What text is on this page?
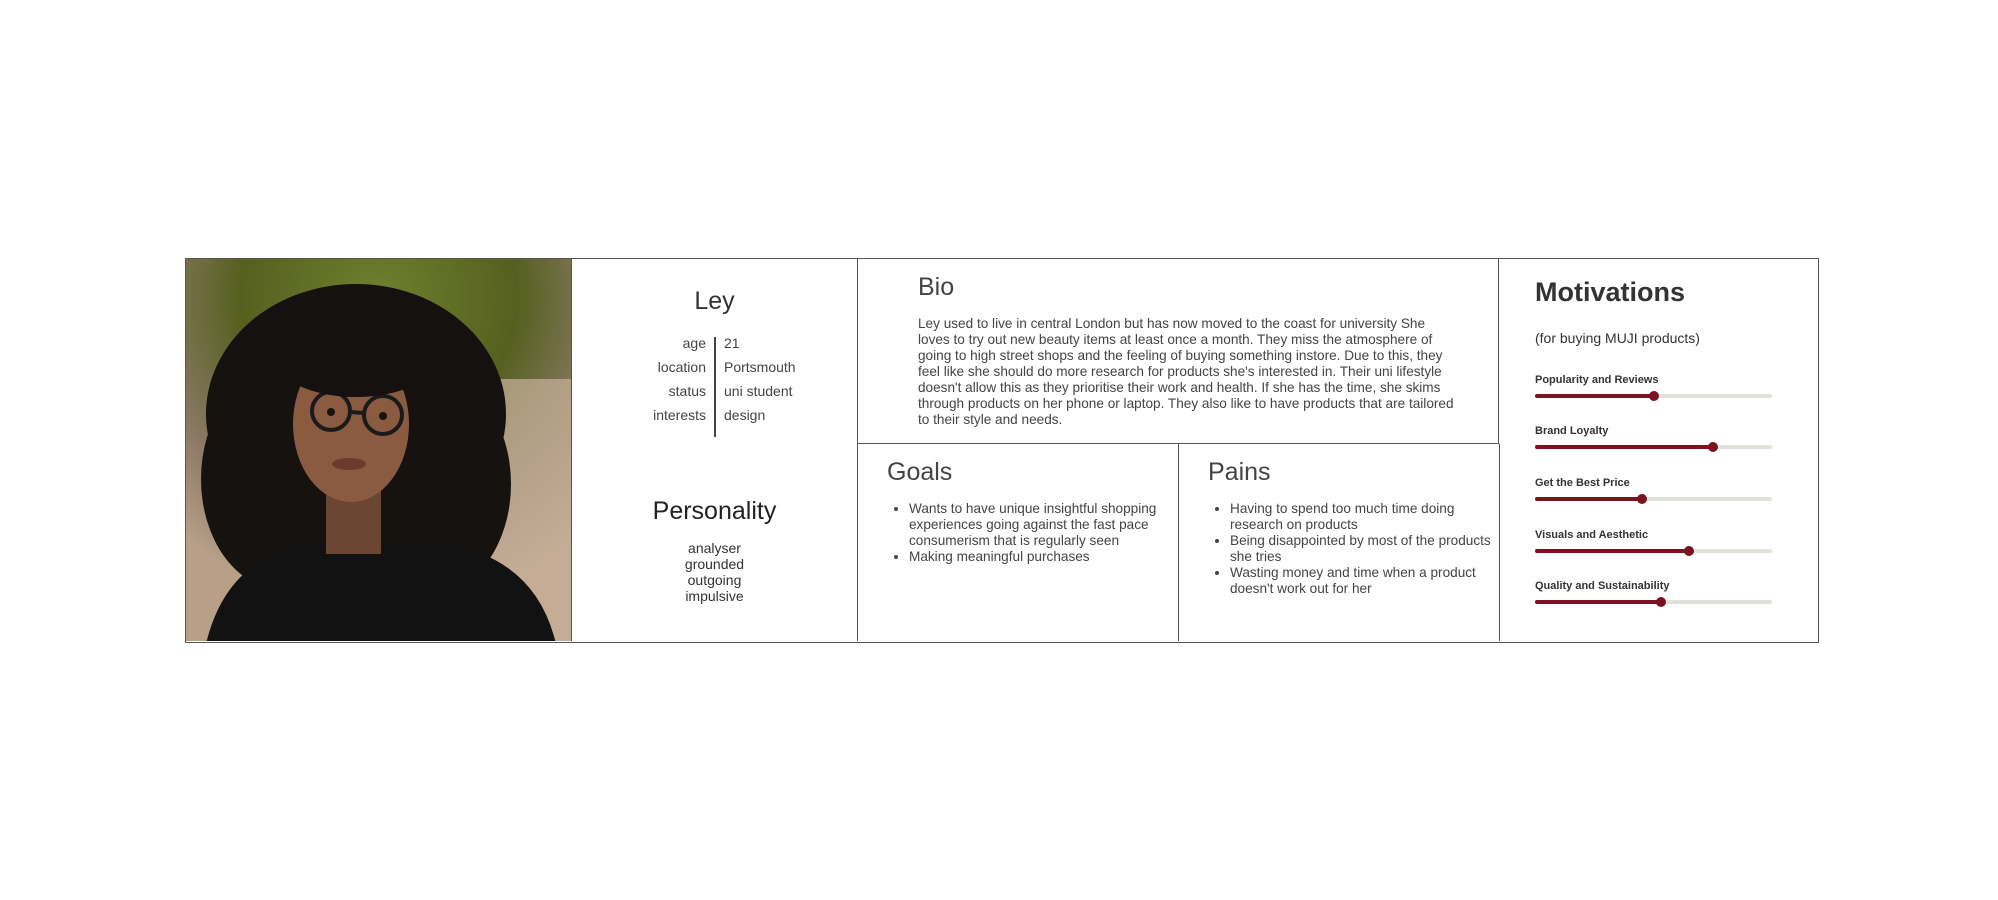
Ley
age 21
location Portsmouth
status uni student
interests design
Personality
analyser
grounded
outgoing
impulsive
Bio
Ley used to live in central London but has now moved to the coast for university She loves to try out new beauty items at least once a month. They miss the atmosphere of going to high street shops and the feeling of buying something instore. Due to this, they feel like she should do more research for products she's interested in. Their uni lifestyle doesn't allow this as they prioritise their work and health. If she has the time, she skims through products on her phone or laptop. They also like to have products that are tailored to their style and needs.
Goals
• Wants to have unique insightful shopping experiences going against the fast pace consumerism that is regularly seen
• Making meaningful purchases
Pains
• Having to spend too much time doing research on products
• Being disappointed by most of the products she tries
• Wasting money and time when a product doesn't work out for her
Motivations
(for buying MUJI products)
Popularity and Reviews
Brand Loyalty
Get the Best Price
Visuals and Aesthetic
Quality and Sustainability
